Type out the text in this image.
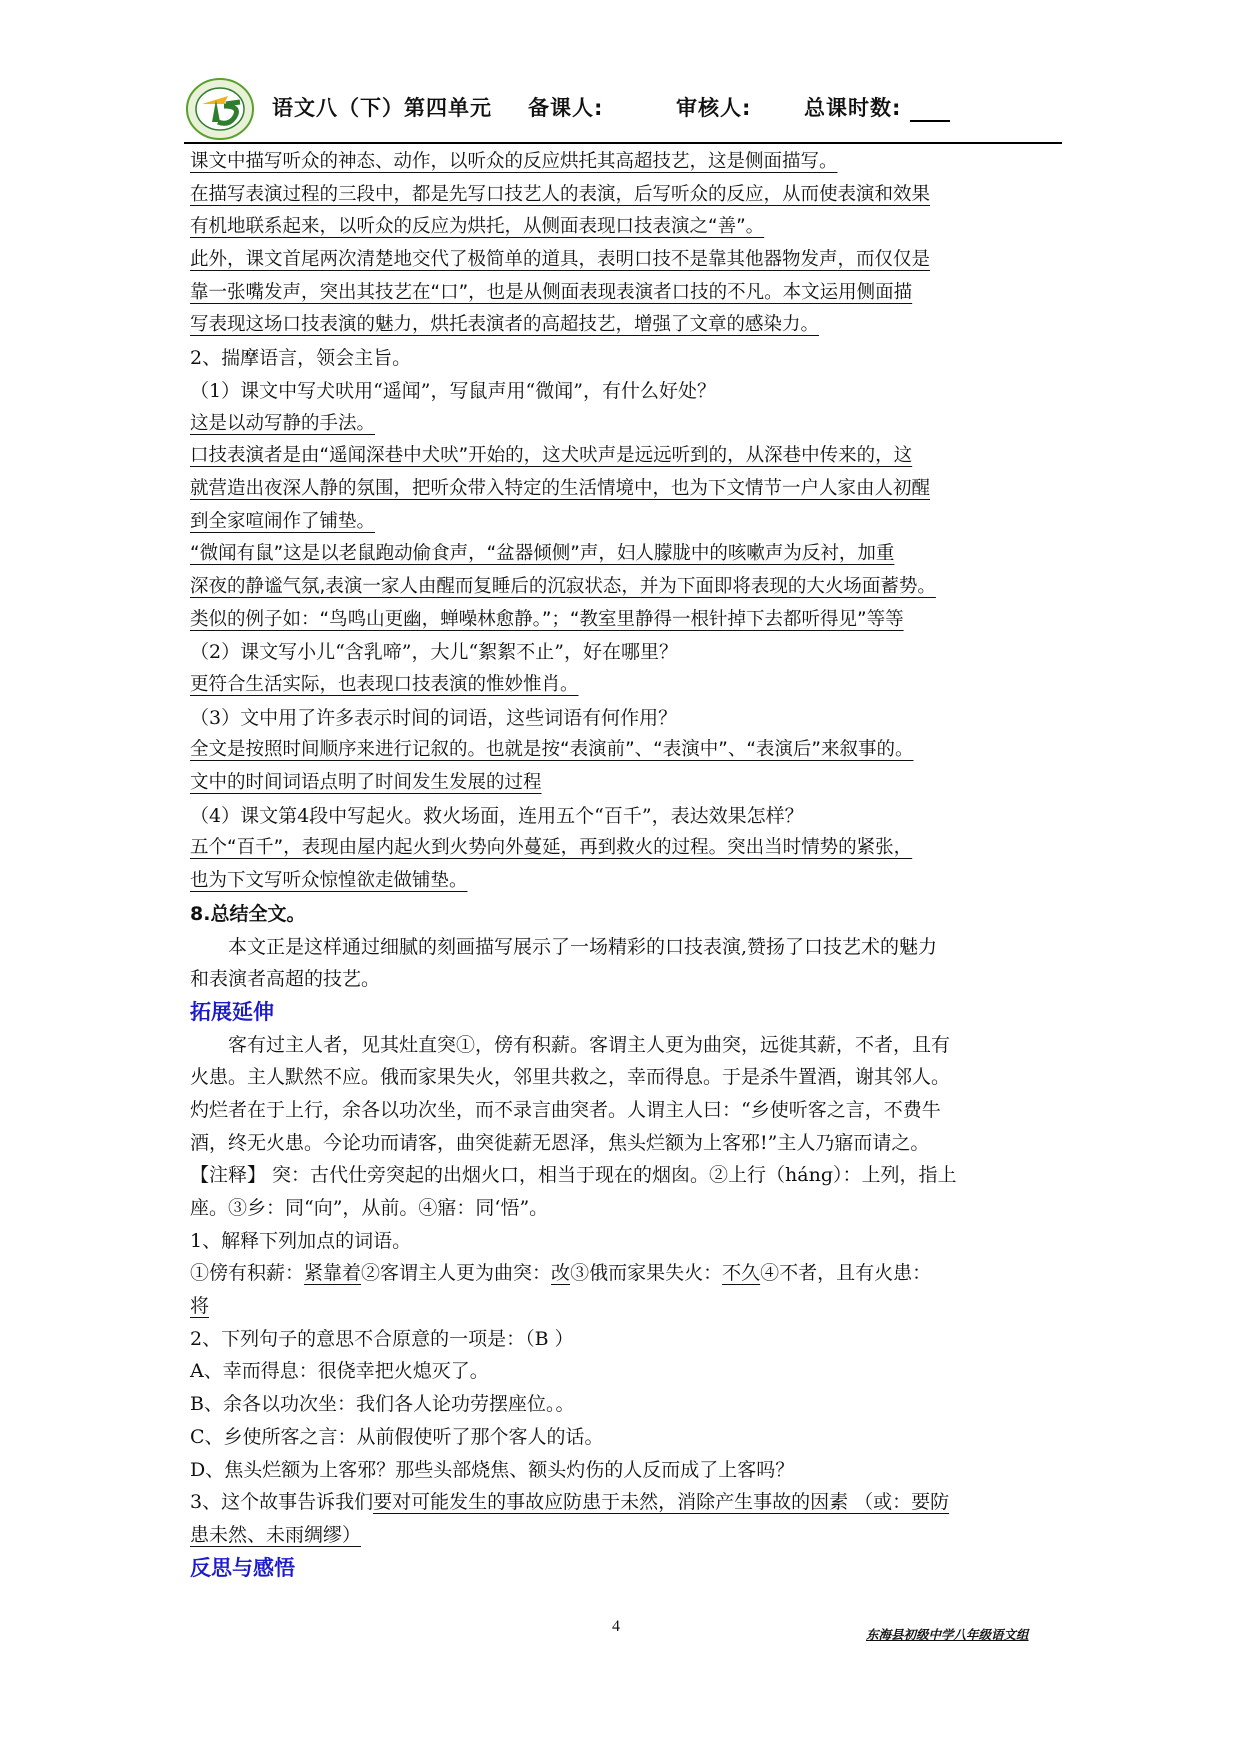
语文八（下）第四单元 备课人:	审核人:	总课时数:
课文中描写听众的神态、动作，以听众的反应烘托其高超技艺，这是侧面描写。
在描写表演过程的三段中，都是先写口技艺人的表演，后写听众的反应，从而使表演和效果
有机地联系起来，以听众的反应为烘托，从侧面表现口技表演之“善”。
此外，课文首尾两次清楚地交代了极简单的道具，表明口技不是靠其他器物发声，而仅仅是
靠一张嘴发声，突出其技艺在“口”，也是从侧面表现表演者口技的不凡。本文运用侧面描
写表现这场口技表演的魅力，烘托表演者的高超技艺，增强了文章的感染力。
2、揣摩语言，领会主旨。
（1）课文中写犬吠用“遥闻”，写鼠声用“微闻”，有什么好处？
这是以动写静的手法。
口技表演者是由“遥闻深巷中犬吠”开始的，这犬吠声是远远听到的，从深巷中传来的，这
就营造出夜深人静的氛围，把听众带入特定的生活情境中，也为下文情节一户人家由人初醒
到全家喧闹作了铺垫。
“微闻有鼠”这是以老鼠跑动偷食声，“盆器倾侧”声，妇人朦胧中的咳嗽声为反衬，加重
深夜的静谧气氛,表演一家人由醒而复睡后的沉寂状态，并为下面即将表现的大火场面蓄势。
类似的例子如：“鸟鸣山更幽，蝉噪林愈静。”；“教室里静得一根针掉下去都听得见”等等
（2）课文写小儿“含乳啼”，大儿“絮絮不止”，好在哪里？
更符合生活实际，也表现口技表演的惟妙惟肖。
（3）文中用了许多表示时间的词语，这些词语有何作用？
全文是按照时间顺序来进行记叙的。也就是按“表演前”、“表演中”、“表演后”来叙事的。
文中的时间词语点明了时间发生发展的过程
（4）课文第4段中写起火。救火场面，连用五个“百千”，表达效果怎样？
五个“百千”，表现由屋内起火到火势向外蔓延，再到救火的过程。突出当时情势的紧张，
也为下文写听众惊惶欲走做铺垫。
8.总结全文。
本文正是这样通过细腻的刻画描写展示了一场精彩的口技表演,赞扬了口技艺术的魅力
和表演者高超的技艺。
拓展延伸
客有过主人者，见其灶直突①，傍有积薪。客谓主人更为曲突，远徙其薪，不者，且有
火患。主人默然不应。俄而家果失火，邻里共救之，幸而得息。于是杀牛置酒，谢其邻人。
灼烂者在于上行，余各以功次坐，而不录言曲突者。人谓主人曰：“乡使听客之言，不费牛
酒，终无火患。今论功而请客，曲突徙薪无恩泽，焦头烂额为上客邪!”主人乃寤而请之。
【注释】 突：古代仕旁突起的出烟火口，相当于现在的烟囱。②上行（hánɡ）：上列，指上
座。③乡：同“向”，从前。④寤：同‘悟”。
1、解释下列加点的词语。
①傍有积薪：紧靠着②客谓主人更为曲突：改③俄而家果失火：不久④不者，且有火患：
将
2、下列句子的意思不合原意的一项是：（B ）
A、幸而得息：很侥幸把火熄灭了。
B、余各以功次坐：我们各人论功劳摆座位。。
C、乡使所客之言：从前假使听了那个客人的话。
D、焦头烂额为上客邪？那些头部烧焦、额头灼伤的人反而成了上客吗？
3、这个故事告诉我们要对可能发生的事故应防患于未然，消除产生事故的因素 （或：要防
患未然、未雨绸缪）
反思与感悟
4	东海县初级中学八年级语文组
